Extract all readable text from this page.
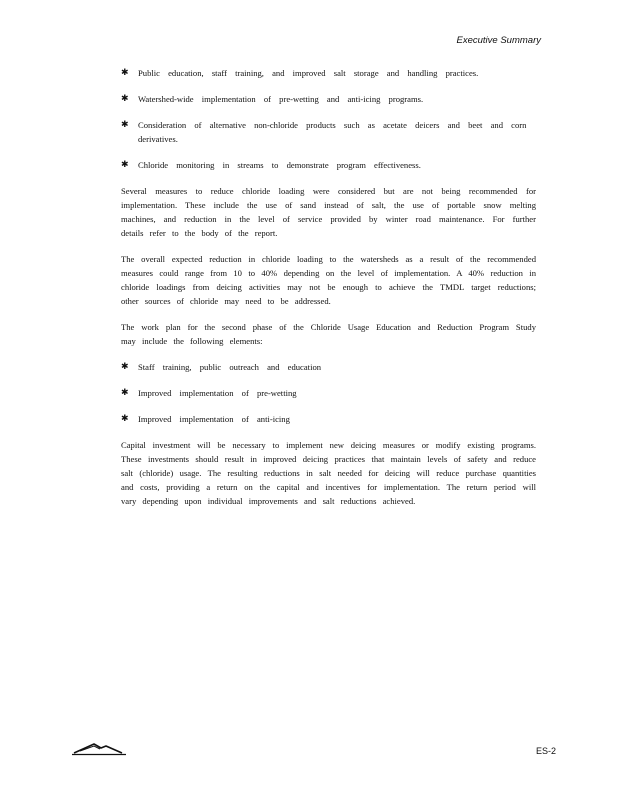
Executive Summary
✱ Public education, staff training, and improved salt storage and handling practices.
✱ Watershed-wide implementation of pre-wetting and anti-icing programs.
✱ Consideration of alternative non-chloride products such as acetate deicers and beet and corn derivatives.
✱ Chloride monitoring in streams to demonstrate program effectiveness.

Several measures to reduce chloride loading were considered but are not being recommended for implementation. These include the use of sand instead of salt, the use of portable snow melting machines, and reduction in the level of service provided by winter road maintenance. For further details refer to the body of the report.

The overall expected reduction in chloride loading to the watersheds as a result of the recommended measures could range from 10 to 40% depending on the level of implementation. A 40% reduction in chloride loadings from deicing activities may not be enough to achieve the TMDL target reductions; other sources of chloride may need to be addressed.

The work plan for the second phase of the Chloride Usage Education and Reduction Program Study may include the following elements:

✱ Staff training, public outreach and education
✱ Improved implementation of pre-wetting
✱ Improved implementation of anti-icing

Capital investment will be necessary to implement new deicing measures or modify existing programs. These investments should result in improved deicing practices that maintain levels of safety and reduce salt (chloride) usage. The resulting reductions in salt needed for deicing will reduce purchase quantities and costs, providing a return on the capital and incentives for implementation. The return period will vary depending upon individual improvements and salt reductions achieved.

ES-2
